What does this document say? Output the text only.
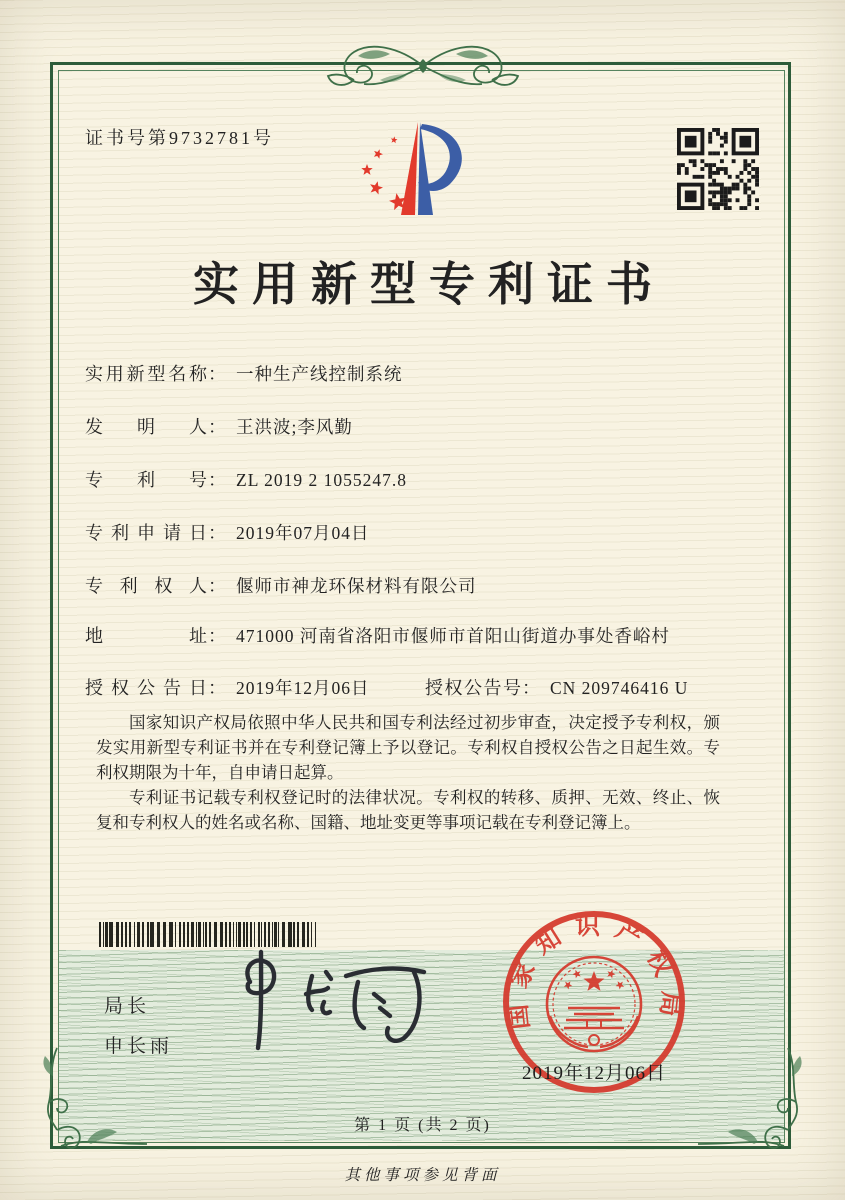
证书号第9732781号
实用新型专利证书
实用新型名称 ： 一种生产线控制系统
发明人 ： 王洪波;李风勤
专利号 ： ZL 2019 2 1055247.8
专利申请日 ： 2019年07月04日
专利权人 ： 偃师市神龙环保材料有限公司
地址 ： 471000 河南省洛阳市偃师市首阳山街道办事处香峪村
授权公告日 ： 2019年12月06日	授权公告号 ： CN 209746416 U

国家知识产权局依照中华人民共和国专利法经过初步审查，决定授予专利权，颁发实用新型专利证书并在专利登记簿上予以登记。专利权自授权公告之日起生效。专利权期限为十年，自申请日起算。

专利证书记载专利权登记时的法律状况。专利权的转移、质押、无效、终止、恢复和专利权人的姓名或名称、国籍、地址变更等事项记载在专利登记簿上。

局长
申长雨
国家知识产权局
2019年12月06日
第 1 页 (共 2 页)
其他事项参见背面
